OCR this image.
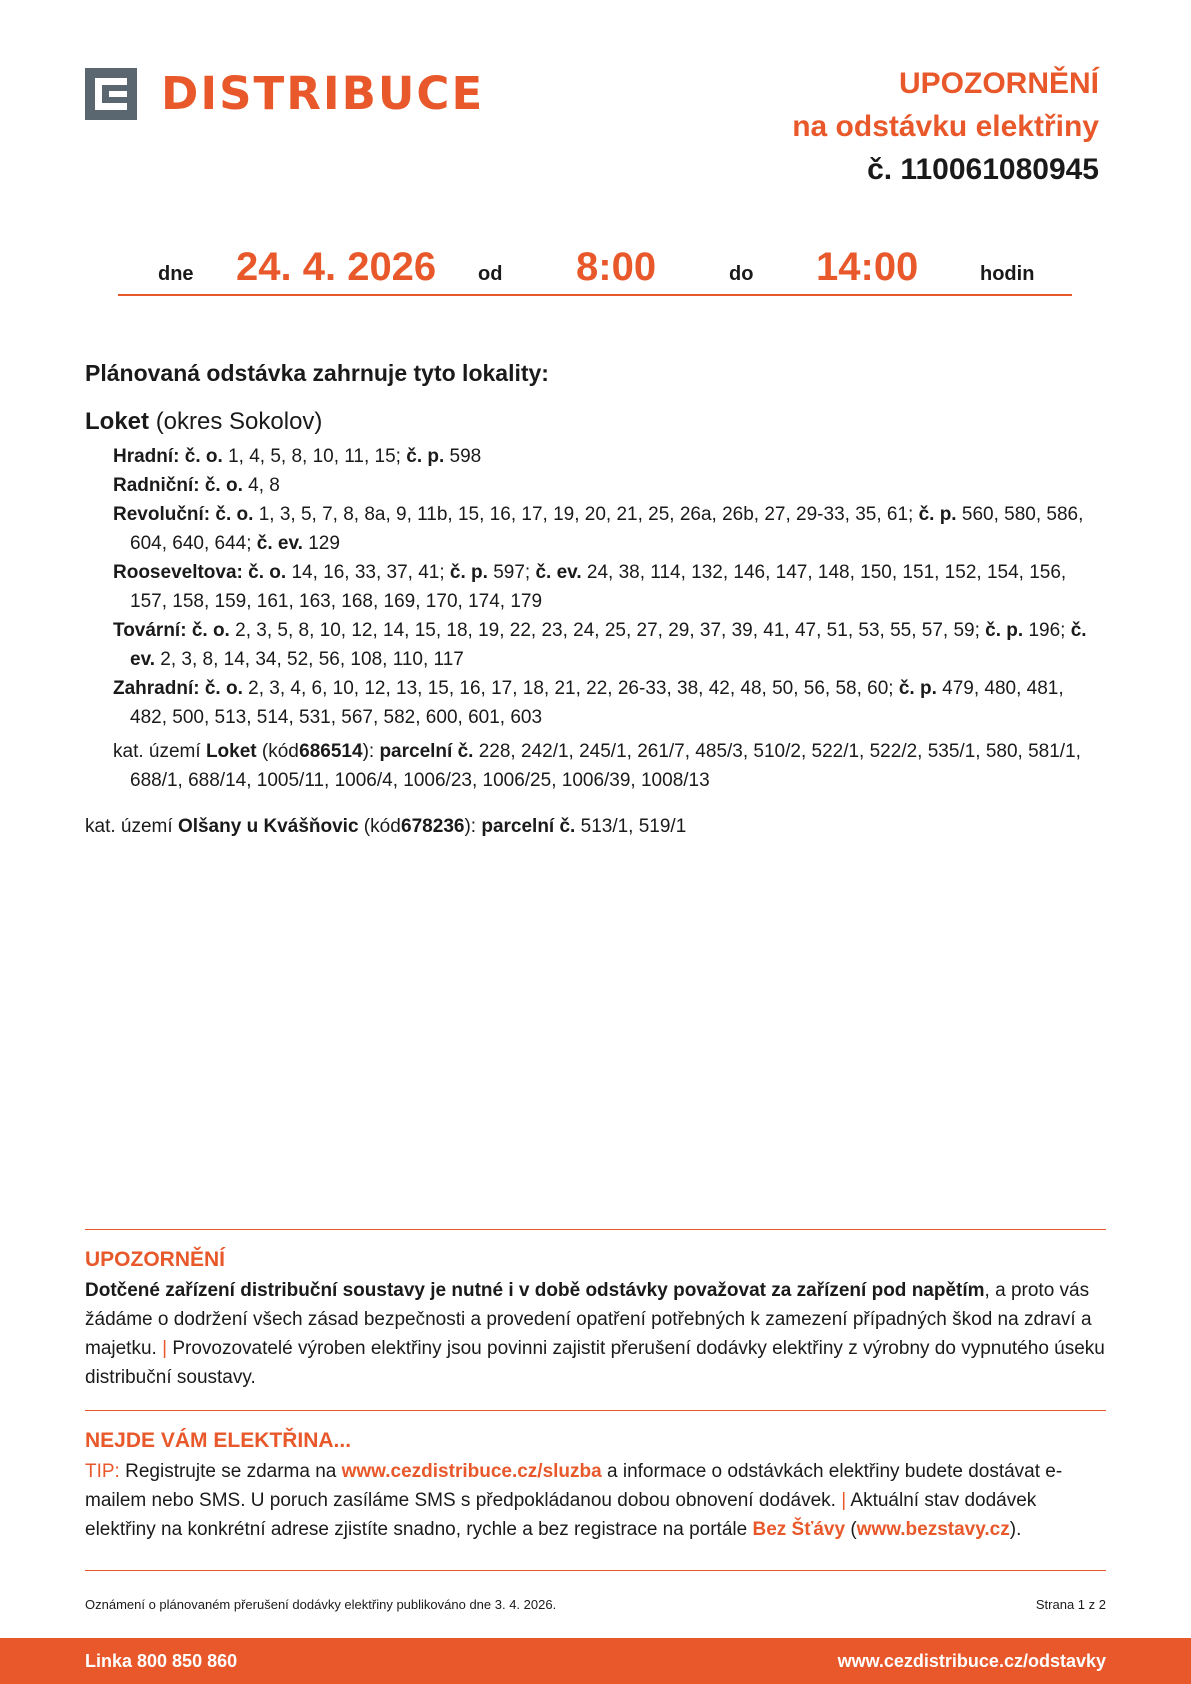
DISTRIBUCE	UPOZORNĚNÍ
na odstávku elektřiny
č. 110061080945
dne 24. 4. 2026 od 8:00	do 14:00	hodin
Plánovaná odstávka zahrnuje tyto lokality:
Loket (okres Sokolov)
Hradní: č. o. 1, 4, 5, 8, 10, 11, 15; č. p. 598
Radniční: č. o. 4, 8
Revoluční: č. o. 1, 3, 5, 7, 8, 8a, 9, 11b, 15, 16, 17, 19, 20, 21, 25, 26a, 26b, 27, 29-33, 35, 61; č. p. 560, 580, 586, 604, 640, 644; č. ev. 129
Rooseveltova: č. o. 14, 16, 33, 37, 41; č. p. 597; č. ev. 24, 38, 114, 132, 146, 147, 148, 150, 151, 152, 154, 156, 157, 158, 159, 161, 163, 168, 169, 170, 174, 179
Tovární: č. o. 2, 3, 5, 8, 10, 12, 14, 15, 18, 19, 22, 23, 24, 25, 27, 29, 37, 39, 41, 47, 51, 53, 55, 57, 59; č. p. 196; č. ev. 2, 3, 8, 14, 34, 52, 56, 108, 110, 117
Zahradní: č. o. 2, 3, 4, 6, 10, 12, 13, 15, 16, 17, 18, 21, 22, 26-33, 38, 42, 48, 50, 56, 58, 60; č. p. 479, 480, 481, 482, 500, 513, 514, 531, 567, 582, 600, 601, 603
kat. území Loket (kód 686514): parcelní č. 228, 242/1, 245/1, 261/7, 485/3, 510/2, 522/1, 522/2, 535/1, 580, 581/1, 688/1, 688/14, 1005/11, 1006/4, 1006/23, 1006/25, 1006/39, 1008/13
kat. území Olšany u Kvášňovic (kód 678236): parcelní č. 513/1, 519/1
UPOZORNĚNÍ

Dotčené zařízení distribuční soustavy je nutné i v době odstávky považovat za zařízení pod napětím, a proto vás žádáme o dodržení všech zásad bezpečnosti a provedení opatření potřebných k zamezení případných škod na zdraví a majetku. | Provozovatelé výroben elektřiny jsou povinni zajistit přerušení dodávky elektřiny z výrobny do vypnutého úseku distribuční soustavy.

NEJDE VÁM ELEKTŘINA...

TIP: Registrujte se zdarma na www.cezdistribuce.cz/sluzba a informace o odstávkách elektřiny budete dostávat e-mailem nebo SMS. U poruch zasíláme SMS s předpokládanou dobou obnovení dodávek. | Aktuální stav dodávek elektřiny na konkrétní adrese zjistíte snadno, rychle a bez registrace na portále Bez Šťávy (www.bezstavy.cz).

Oznámení o plánovaném přerušení dodávky elektřiny publikováno dne 3. 4. 2026.	Strana 1 z 2
Linka 800 850 860	www.cezdistribuce.cz/odstavky
